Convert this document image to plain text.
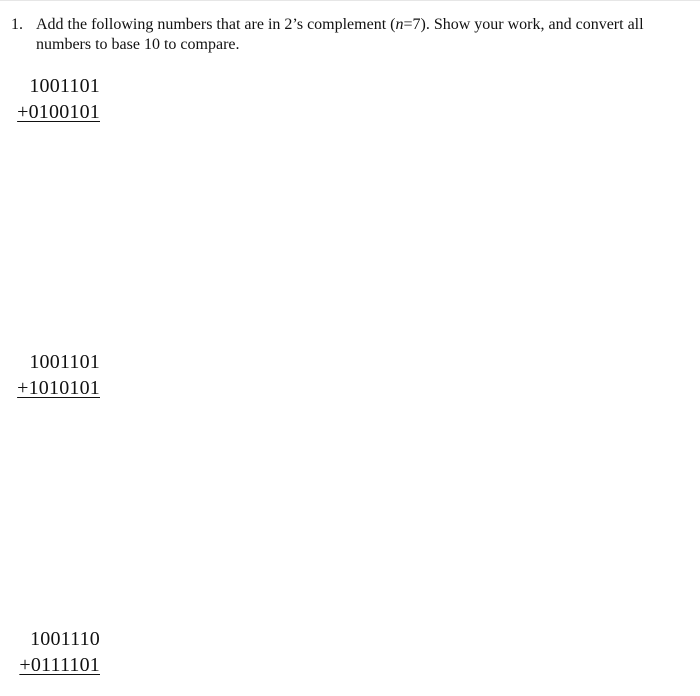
1. Add the following numbers that are in 2’s complement (n=7). Show your work, and convert all numbers to base 10 to compare.
1001101
+0100101
1001101
+1010101
1001110
+0111101
